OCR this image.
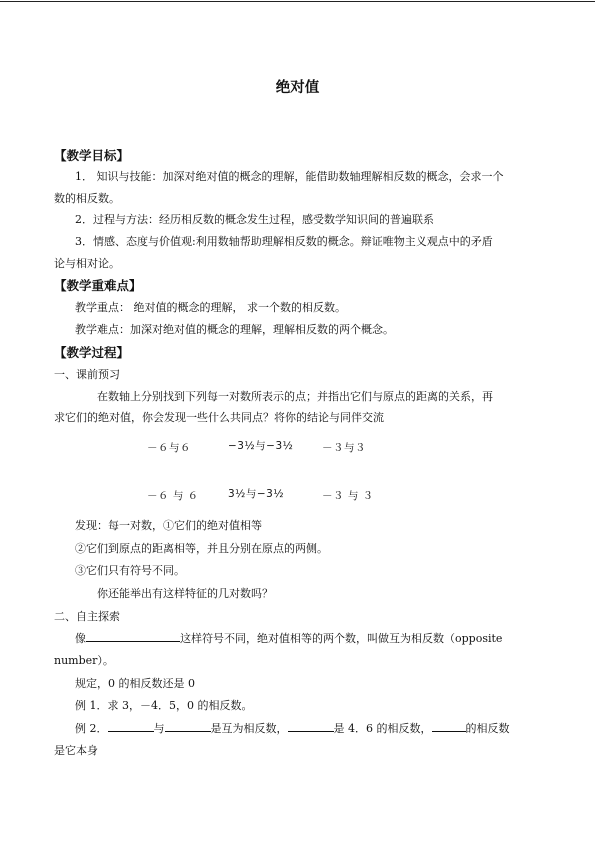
绝对值
【教学目标】
1． 知识与技能：加深对绝对值的概念的理解，能借助数轴理解相反数的概念，会求一个
数的相反数。
2．过程与方法：经历相反数的概念发生过程，感受数学知识间的普遍联系
3．情感、态度与价值观:利用数轴帮助理解相反数的概念。辩证唯物主义观点中的矛盾
论与相对论。
【教学重难点】
教学重点： 绝对值的概念的理解， 求一个数的相反数。
教学难点：加深对绝对值的概念的理解，理解相反数的两个概念。
【教学过程】
一、课前预习
在数轴上分别找到下列每一对数所表示的点；并指出它们与原点的距离的关系，再
求它们的绝对值，你会发现一些什么共同点？将你的结论与同伴交流
－６与６	−3½与−3½	－３与３
－６ 与 ６	3½与−3½	－３ 与 ３
发现：每一对数，①它们的绝对值相等
②它们到原点的距离相等，并且分别在原点的两侧。
③它们只有符号不同。
你还能举出有这样特征的几对数吗？
二、自主探索
像	这样符号不同，绝对值相等的两个数，叫做互为相反数（opposite
number）。
规定，0 的相反数还是 0
例 1．求 3，－4．5，0 的相反数。
例 2．	与	是互为相反数，	是 4．6 的相反数，	的相反数
是它本身
